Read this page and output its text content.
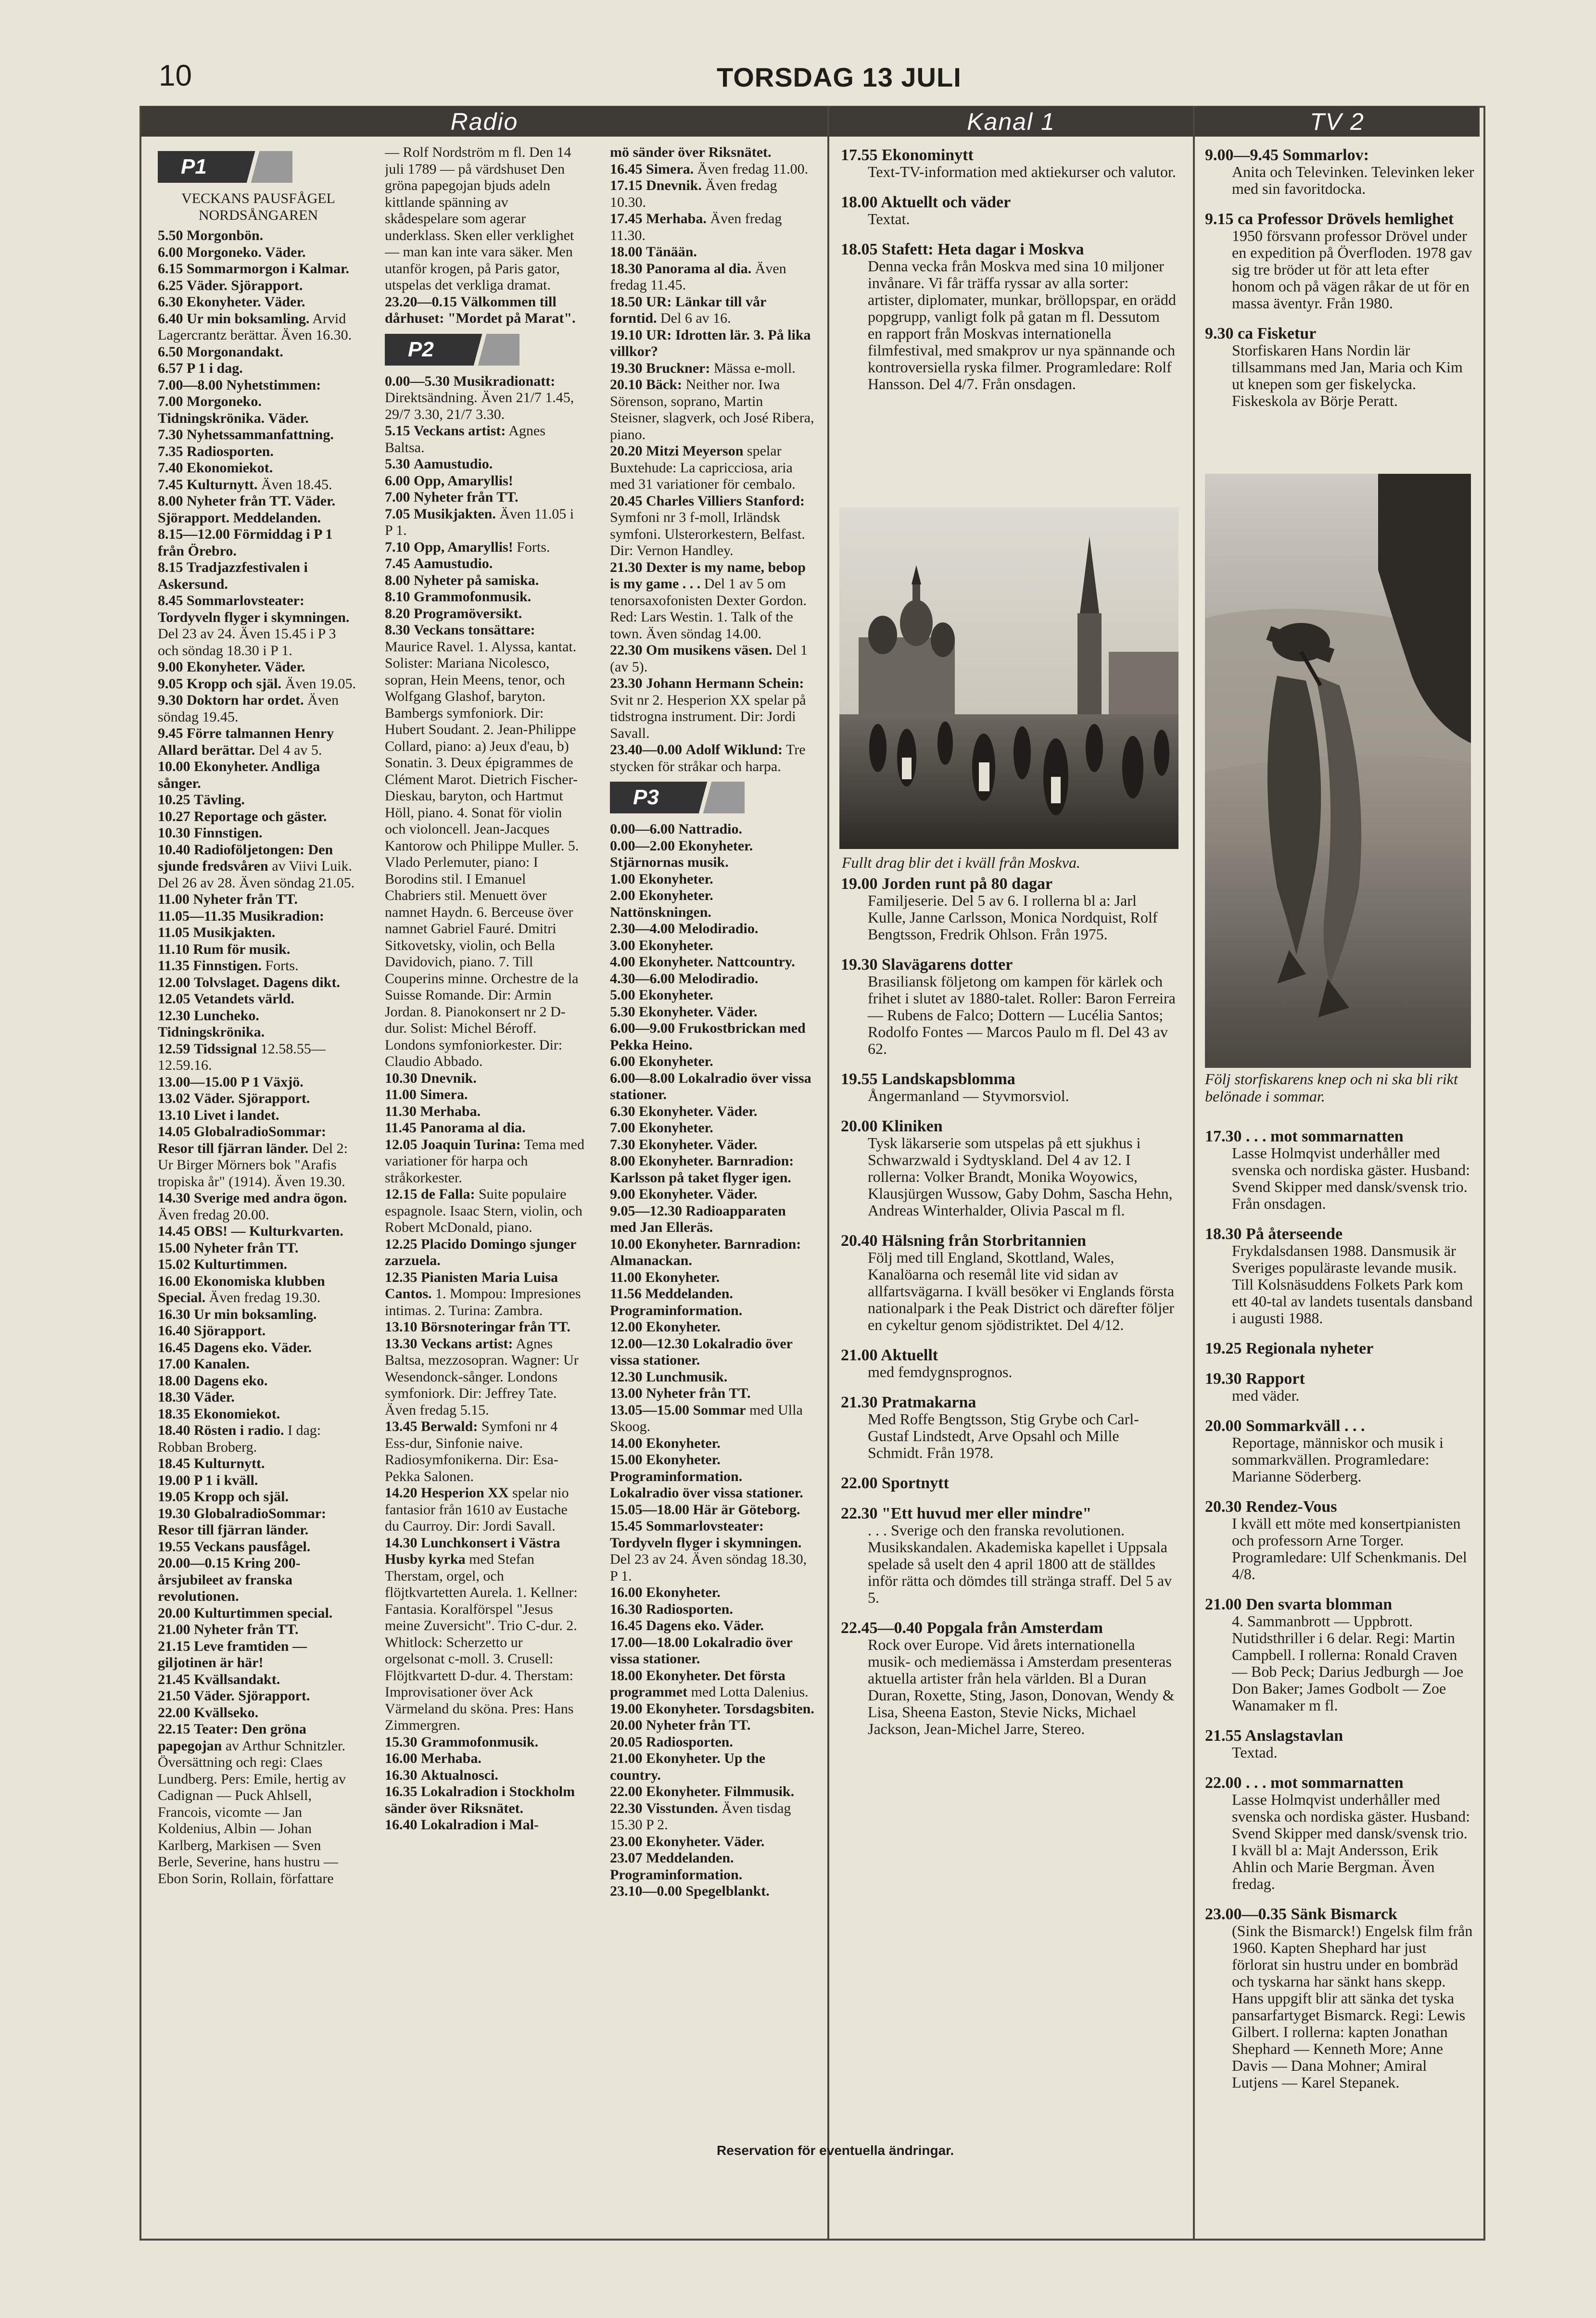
10	TORSDAG 13 JULI
Radio	Kanal 1	TV 2
P1
VECKANS PAUSFÅGEL NORDSÅNGAREN

5.50 Morgonbön.

6.00 Morgoneko. Väder.

6.15 Sommarmorgon i Kalmar.

6.25 Väder. Sjörapport.

6.30 Ekonyheter. Väder.

6.40 Ur min boksamling. Arvid Lagercrantz berättar. Även 16.30.

6.50 Morgonandakt.

6.57 P 1 i dag.

7.00—8.00 Nyhetstimmen:

7.00 Morgoneko. Tidningskrönika. Väder.

7.30 Nyhetssammanfattning.

7.35 Radiosporten.

7.40 Ekonomiekot.

7.45 Kulturnytt. Även 18.45.

8.00 Nyheter från TT. Väder. Sjörapport. Meddelanden.

8.15—12.00 Förmiddag i P 1 från Örebro.

8.15 Tradjazzfestivalen i Askersund.

8.45 Sommarlovsteater: Tordyveln flyger i skymningen. Del 23 av 24. Även 15.45 i P 3 och söndag 18.30 i P 1.

9.00 Ekonyheter. Väder.

9.05 Kropp och själ. Även 19.05.

9.30 Doktorn har ordet. Även söndag 19.45.

9.45 Förre talmannen Henry Allard berättar. Del 4 av 5.

10.00 Ekonyheter. Andliga sånger.

10.25 Tävling.

10.27 Reportage och gäster.

10.30 Finnstigen.

10.40 Radioföljetongen: Den sjunde fredsvåren av Viivi Luik. Del 26 av 28. Även söndag 21.05.

11.00 Nyheter från TT.

11.05—11.35 Musikradion:

11.05 Musikjakten.

11.10 Rum för musik.

11.35 Finnstigen. Forts.

12.00 Tolvslaget. Dagens dikt.

12.05 Vetandets värld.

12.30 Luncheko. Tidningskrönika.

12.59 Tidssignal 12.58.55—12.59.16.

13.00—15.00 P 1 Växjö.

13.02 Väder. Sjörapport.

13.10 Livet i landet.

14.05 GlobalradioSommar: Resor till fjärran länder. Del 2: Ur Birger Mörners bok "Arafis tropiska år" (1914). Även 19.30.

14.30 Sverige med andra ögon. Även fredag 20.00.

14.45 OBS! — Kulturkvarten.

15.00 Nyheter från TT.

15.02 Kulturtimmen.

16.00 Ekonomiska klubben Special. Även fredag 19.30.

16.30 Ur min boksamling.

16.40 Sjörapport.

16.45 Dagens eko. Väder.

17.00 Kanalen.

18.00 Dagens eko.

18.30 Väder.

18.35 Ekonomiekot.

18.40 Rösten i radio. I dag: Robban Broberg.

18.45 Kulturnytt.

19.00 P 1 i kväll.

19.05 Kropp och själ.

19.30 GlobalradioSommar: Resor till fjärran länder.

19.55 Veckans pausfågel.

20.00—0.15 Kring 200-årsjubileet av franska revolutionen.

20.00 Kulturtimmen special.

21.00 Nyheter från TT.

21.15 Leve framtiden — giljotinen är här!

21.45 Kvällsandakt.

21.50 Väder. Sjörapport.

22.00 Kvällseko.

22.15 Teater: Den gröna papegojan av Arthur Schnitzler. Översättning och regi: Claes Lundberg. Pers: Emile, hertig av Cadignan — Puck Ahlsell, Francois, vicomte — Jan Koldenius, Albin — Johan Karlberg, Markisen — Sven Berle, Severine, hans hustru — Ebon Sorin, Rollain, författare

— Rolf Nordström m fl. Den 14 juli 1789 — på värdshuset Den gröna papegojan bjuds adeln kittlande spänning av skådespelare som agerar underklass. Sken eller verklighet — man kan inte vara säker. Men utanför krogen, på Paris gator, utspelas det verkliga dramat.

23.20—0.15 Välkommen till dårhuset: "Mordet på Marat".

P2

0.00—5.30 Musikradionatt: Direktsändning. Även 21/7 1.45, 29/7 3.30, 21/7 3.30.

5.15 Veckans artist: Agnes Baltsa.

5.30 Aamustudio.

6.00 Opp, Amaryllis!

7.00 Nyheter från TT.

7.05 Musikjakten. Även 11.05 i P 1.

7.10 Opp, Amaryllis! Forts.

7.45 Aamustudio.

8.00 Nyheter på samiska.

8.10 Grammofonmusik.

8.20 Programöversikt.

8.30 Veckans tonsättare: Maurice Ravel. 1. Alyssa, kantat. Solister: Mariana Nicolesco, sopran, Hein Meens, tenor, och Wolfgang Glashof, baryton. Bambergs symfoniork. Dir: Hubert Soudant. 2. Jean-Philippe Collard, piano: a) Jeux d'eau, b) Sonatin. 3. Deux épigrammes de Clément Marot. Dietrich Fischer-Dieskau, baryton, och Hartmut Höll, piano. 4. Sonat för violin och violoncell. Jean-Jacques Kantorow och Philippe Muller. 5. Vlado Perlemuter, piano: I Borodins stil. I Emanuel Chabriers stil. Menuett över namnet Haydn. 6. Berceuse över namnet Gabriel Fauré. Dmitri Sitkovetsky, violin, och Bella Davidovich, piano. 7. Till Couperins minne. Orchestre de la Suisse Romande. Dir: Armin Jordan. 8. Pianokonsert nr 2 D-dur. Solist: Michel Béroff. Londons symfoniorkester. Dir: Claudio Abbado.

10.30 Dnevnik.

11.00 Simera.

11.30 Merhaba.

11.45 Panorama al dia.

12.05 Joaquin Turina: Tema med variationer för harpa och stråkorkester.

12.15 de Falla: Suite populaire espagnole. Isaac Stern, violin, och Robert McDonald, piano.

12.25 Placido Domingo sjunger zarzuela.

12.35 Pianisten Maria Luisa Cantos. 1. Mompou: Impresiones intimas. 2. Turina: Zambra.

13.10 Börsnoteringar från TT.

13.30 Veckans artist: Agnes Baltsa, mezzosopran. Wagner: Ur Wesendonck-sånger. Londons symfoniork. Dir: Jeffrey Tate. Även fredag 5.15.

13.45 Berwald: Symfoni nr 4 Ess-dur, Sinfonie naive. Radiosymfonikerna. Dir: Esa-Pekka Salonen.

14.20 Hesperion XX spelar nio fantasior från 1610 av Eustache du Caurroy. Dir: Jordi Savall.

14.30 Lunchkonsert i Västra Husby kyrka med Stefan Therstam, orgel, och flöjtkvartetten Aurela. 1. Kellner: Fantasia. Koralförspel "Jesus meine Zuversicht". Trio C-dur. 2. Whitlock: Scherzetto ur orgelsonat c-moll. 3. Crusell: Flöjtkvartett D-dur. 4. Therstam: Improvisationer över Ack Värmeland du sköna. Pres: Hans Zimmergren.

15.30 Grammofonmusik.

16.00 Merhaba.

16.30 Aktualnosci.

16.35 Lokalradion i Stockholm sänder över Riksnätet.

16.40 Lokalradion i Mal-

mö sänder över Riksnätet.

16.45 Simera. Även fredag 11.00.

17.15 Dnevnik. Även fredag 10.30.

17.45 Merhaba. Även fredag 11.30.

18.00 Tänään.

18.30 Panorama al dia. Även fredag 11.45.

18.50 UR: Länkar till vår forntid. Del 6 av 16.

19.10 UR: Idrotten lär. 3. På lika villkor?

19.30 Bruckner: Mässa e-moll.

20.10 Bäck: Neither nor. Iwa Sörenson, soprano, Martin Steisner, slagverk, och José Ribera, piano.

20.20 Mitzi Meyerson spelar Buxtehude: La capricciosa, aria med 31 variationer för cembalo.

20.45 Charles Villiers Stanford: Symfoni nr 3 f-moll, Irländsk symfoni. Ulsterorkestern, Belfast. Dir: Vernon Handley.

21.30 Dexter is my name, bebop is my game . . . Del 1 av 5 om tenorsaxofonisten Dexter Gordon. Red: Lars Westin. 1. Talk of the town. Även söndag 14.00.

22.30 Om musikens väsen. Del 1 (av 5).

23.30 Johann Hermann Schein: Svit nr 2. Hesperion XX spelar på tidstrogna instrument. Dir: Jordi Savall.

23.40—0.00 Adolf Wiklund: Tre stycken för stråkar och harpa.

P3

0.00—6.00 Nattradio.

0.00—2.00 Ekonyheter. Stjärnornas musik.

1.00 Ekonyheter.

2.00 Ekonyheter. Nattönskningen.

2.30—4.00 Melodiradio.

3.00 Ekonyheter.

4.00 Ekonyheter. Nattcountry.

4.30—6.00 Melodiradio.

5.00 Ekonyheter.

5.30 Ekonyheter. Väder.

6.00—9.00 Frukostbrickan med Pekka Heino.

6.00 Ekonyheter.

6.00—8.00 Lokalradio över vissa stationer.

6.30 Ekonyheter. Väder.

7.00 Ekonyheter.

7.30 Ekonyheter. Väder.

8.00 Ekonyheter. Barnradion: Karlsson på taket flyger igen.

9.00 Ekonyheter. Väder.

9.05—12.30 Radioapparaten med Jan Elleräs.

10.00 Ekonyheter. Barnradion: Almanackan.

11.00 Ekonyheter.

11.56 Meddelanden. Programinformation.

12.00 Ekonyheter.

12.00—12.30 Lokalradio över vissa stationer.

12.30 Lunchmusik.

13.00 Nyheter från TT.

13.05—15.00 Sommar med Ulla Skoog.

14.00 Ekonyheter.

15.00 Ekonyheter. Programinformation. Lokalradio över vissa stationer.

15.05—18.00 Här är Göteborg.

15.45 Sommarlovsteater: Tordyveln flyger i skymningen. Del 23 av 24. Även söndag 18.30, P 1.

16.00 Ekonyheter.

16.30 Radiosporten.

16.45 Dagens eko. Väder.

17.00—18.00 Lokalradio över vissa stationer.

18.00 Ekonyheter. Det första programmet med Lotta Dalenius.

19.00 Ekonyheter. Torsdagsbiten.

20.00 Nyheter från TT.

20.05 Radiosporten.

21.00 Ekonyheter. Up the country.

22.00 Ekonyheter. Filmmusik.

22.30 Visstunden. Även tisdag 15.30 P 2.

23.00 Ekonyheter. Väder.

23.07 Meddelanden. Programinformation.

23.10—0.00 Spegelblankt.

17.55 Ekonominytt
Text-TV-information med aktiekurser och valutor.
18.00 Aktuellt och väder
Textat.
18.05 Stafett: Heta dagar i Moskva
Denna vecka från Moskva med sina 10 miljoner invånare. Vi får träffa ryssar av alla sorter: artister, diplomater, munkar, bröllopspar, en orädd popgrupp, vanligt folk på gatan m fl. Dessutom en rapport från Moskvas internationella filmfestival, med smakprov ur nya spännande och kontroversiella ryska filmer. Programledare: Rolf Hansson. Del 4/7. Från onsdagen.
Fullt drag blir det i kväll från Moskva.
19.00 Jorden runt på 80 dagar
Familjeserie. Del 5 av 6. I rollerna bl a: Jarl Kulle, Janne Carlsson, Monica Nordquist, Rolf Bengtsson, Fredrik Ohlson. Från 1975.
19.30 Slavägarens dotter
Brasiliansk följetong om kampen för kärlek och frihet i slutet av 1880-talet. Roller: Baron Ferreira — Rubens de Falco; Dottern — Lucélia Santos; Rodolfo Fontes — Marcos Paulo m fl. Del 43 av 62.
19.55 Landskapsblomma
Ångermanland — Styvmorsviol.
20.00 Kliniken
Tysk läkarserie som utspelas på ett sjukhus i Schwarzwald i Sydtyskland. Del 4 av 12. I rollerna: Volker Brandt, Monika Woyowics, Klausjürgen Wussow, Gaby Dohm, Sascha Hehn, Andreas Winterhalder, Olivia Pascal m fl.
20.40 Hälsning från Storbritannien
Följ med till England, Skottland, Wales, Kanalöarna och resemål lite vid sidan av allfartsvägarna. I kväll besöker vi Englands första nationalpark i the Peak District och därefter följer en cykeltur genom sjödistriktet. Del 4/12.
21.00 Aktuellt
med femdygnsprognos.
21.30 Pratmakarna
Med Roffe Bengtsson, Stig Grybe och Carl-Gustaf Lindstedt, Arve Opsahl och Mille Schmidt. Från 1978.
22.00 Sportnytt
22.30 "Ett huvud mer eller mindre"
. . . Sverige och den franska revolutionen. Musikskandalen. Akademiska kapellet i Uppsala spelade så uselt den 4 april 1800 att de ställdes inför rätta och dömdes till stränga straff. Del 5 av 5.
22.45—0.40 Popgala från Amsterdam
Rock over Europe. Vid årets internationella musik- och mediemässa i Amsterdam presenteras aktuella artister från hela världen. Bl a Duran Duran, Roxette, Sting, Jason, Donovan, Wendy & Lisa, Sheena Easton, Stevie Nicks, Michael Jackson, Jean-Michel Jarre, Stereo.
9.00—9.45 Sommarlov:
Anita och Televinken. Televinken leker med sin favoritdocka.
9.15 ca Professor Drövels hemlighet
1950 försvann professor Drövel under en expedition på Överfloden. 1978 gav sig tre bröder ut för att leta efter honom och på vägen råkar de ut för en massa äventyr. Från 1980.
9.30 ca Fisketur
Storfiskaren Hans Nordin lär tillsammans med Jan, Maria och Kim ut knepen som ger fiskelycka. Fiskeskola av Börje Peratt.
Följ storfiskarens knep och ni ska bli rikt belönade i sommar.
17.30 . . . mot sommarnatten
Lasse Holmqvist underhåller med svenska och nordiska gäster. Husband: Svend Skipper med dansk/svensk trio. Från onsdagen.
18.30 På återseende
Frykdalsdansen 1988. Dansmusik är Sveriges populäraste levande musik. Till Kolsnäsuddens Folkets Park kom ett 40-tal av landets tusentals dansband i augusti 1988.
19.25 Regionala nyheter
19.30 Rapport
med väder.
20.00 Sommarkväll . . .
Reportage, människor och musik i sommarkvällen. Programledare: Marianne Söderberg.
20.30 Rendez-Vous
I kväll ett möte med konsertpianisten och professorn Arne Torger. Programledare: Ulf Schenkmanis. Del 4/8.
21.00 Den svarta blomman
4. Sammanbrott — Uppbrott. Nutidsthriller i 6 delar. Regi: Martin Campbell. I rollerna: Ronald Craven — Bob Peck; Darius Jedburgh — Joe Don Baker; James Godbolt — Zoe Wanamaker m fl.
21.55 Anslagstavlan
Textad.
22.00 . . . mot sommarnatten
Lasse Holmqvist underhåller med svenska och nordiska gäster. Husband: Svend Skipper med dansk/svensk trio. I kväll bl a: Majt Andersson, Erik Ahlin och Marie Bergman. Även fredag.
23.00—0.35 Sänk Bismarck
(Sink the Bismarck!) Engelsk film från 1960. Kapten Shephard har just förlorat sin hustru under en bombräd och tyskarna har sänkt hans skepp. Hans uppgift blir att sänka det tyska pansarfartyget Bismarck. Regi: Lewis Gilbert. I rollerna: kapten Jonathan Shephard — Kenneth More; Anne Davis — Dana Mohner; Amiral Lutjens — Karel Stepanek.
Reservation för eventuella ändringar.
